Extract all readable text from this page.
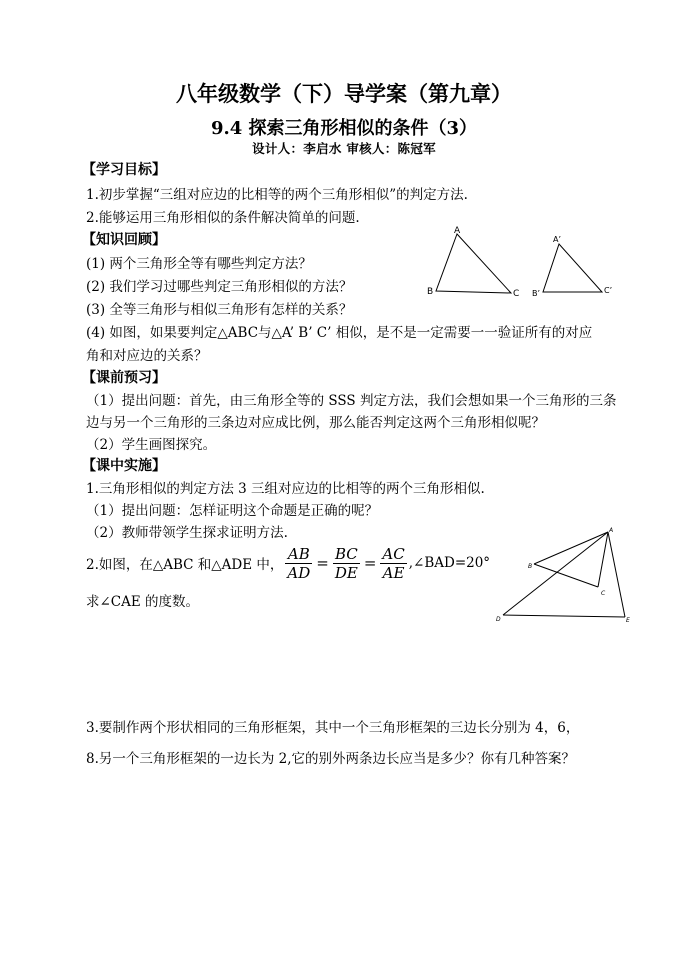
八年级数学（下）导学案（第九章）
9.4 探索三角形相似的条件（3）
设计人：李启水 审核人：陈冠军
【学习目标】
1.初步掌握“三组对应边的比相等的两个三角形相似”的判定方法.
2.能够运用三角形相似的条件解决简单的问题.
【知识回顾】
(1) 两个三角形全等有哪些判定方法？
(2) 我们学习过哪些判定三角形相似的方法？
(3) 全等三角形与相似三角形有怎样的关系？
(4) 如图，如果要判定△ABC与△A’ B’ C’ 相似，是不是一定需要一一验证所有的对应
角和对应边的关系？
A
B	C
A’
B’	C’
【课前预习】
（1）提出问题：首先，由三角形全等的 SSS 判定方法，我们会想如果一个三角形的三条
边与另一个三角形的三条边对应成比例，那么能否判定这两个三角形相似呢？
（2）学生画图探究。
【课中实施】
1.三角形相似的判定方法 3 三组对应边的比相等的两个三角形相似.
（1）提出问题：怎样证明这个命题是正确的呢？
（2）教师带领学生探求证明方法.
2.如图，在△ABC 和△ADE 中， $\frac{AB}{AD} = \frac{BC}{DE} = \frac{AC}{AE}$ ,∠BAD=20°
求∠CAE 的度数。
A
B
C
D	E
3.要制作两个形状相同的三角形框架，其中一个三角形框架的三边长分别为 4，6，
8.另一个三角形框架的一边长为 2,它的别外两条边长应当是多少？你有几种答案？
